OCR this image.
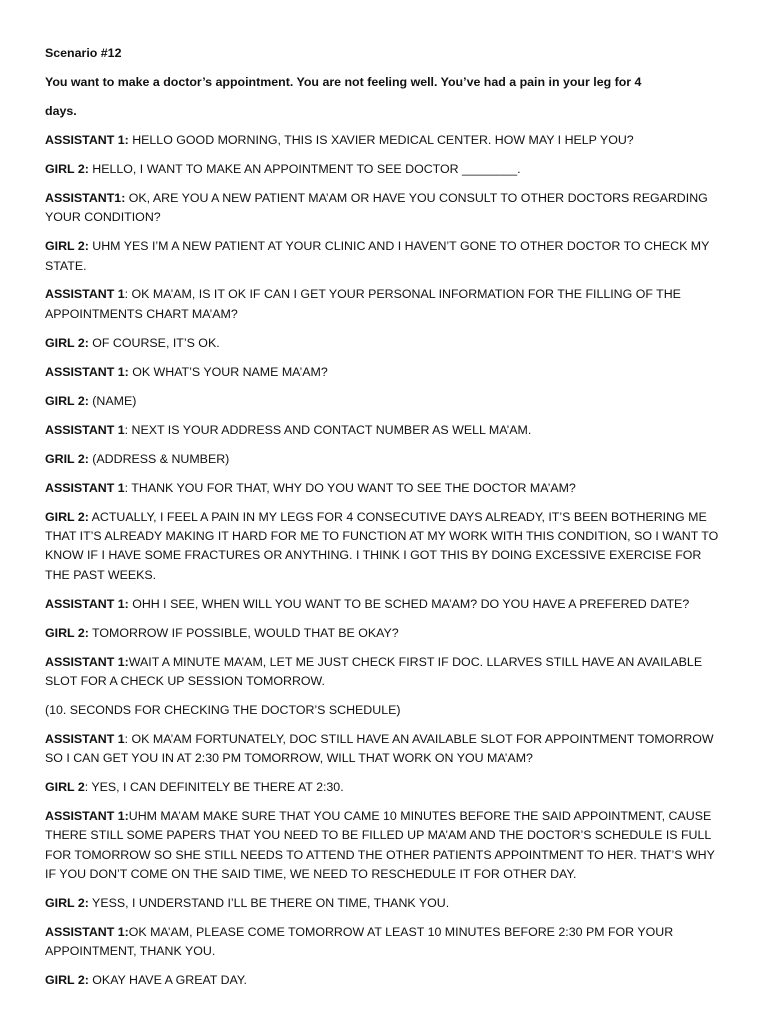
Scenario #12

You want to make a doctor’s appointment. You are not feeling well. You’ve had a pain in your leg for 4

days.

ASSISTANT 1: HELLO GOOD MORNING, THIS IS XAVIER MEDICAL CENTER. HOW MAY I HELP YOU?

GIRL 2: HELLO, I WANT TO MAKE AN APPOINTMENT TO SEE DOCTOR ________.

ASSISTANT1: OK, ARE YOU A NEW PATIENT MA’AM OR HAVE YOU CONSULT TO OTHER DOCTORS REGARDING YOUR CONDITION?

GIRL 2: UHM YES I’M A NEW PATIENT AT YOUR CLINIC AND I HAVEN’T GONE TO OTHER DOCTOR TO CHECK MY STATE.

ASSISTANT 1: OK MA’AM, IS IT OK IF CAN I GET YOUR PERSONAL INFORMATION FOR THE FILLING OF THE APPOINTMENTS CHART MA’AM?

GIRL 2: OF COURSE, IT’S OK.

ASSISTANT 1: OK WHAT’S YOUR NAME MA’AM?

GIRL 2: (NAME)

ASSISTANT 1: NEXT IS YOUR ADDRESS AND CONTACT NUMBER AS WELL MA’AM.

GRIL 2: (ADDRESS & NUMBER)

ASSISTANT 1: THANK YOU FOR THAT, WHY DO YOU WANT TO SEE THE DOCTOR MA’AM?

GIRL 2: ACTUALLY, I FEEL A PAIN IN MY LEGS FOR 4 CONSECUTIVE DAYS ALREADY, IT’S BEEN BOTHERING ME THAT IT’S ALREADY MAKING IT HARD FOR ME TO FUNCTION AT MY WORK WITH THIS CONDITION, SO I WANT TO KNOW IF I HAVE SOME FRACTURES OR ANYTHING. I THINK I GOT THIS BY DOING EXCESSIVE EXERCISE FOR THE PAST WEEKS.

ASSISTANT 1: OHH I SEE, WHEN WILL YOU WANT TO BE SCHED MA’AM? DO YOU HAVE A PREFERED DATE?

GIRL 2: TOMORROW IF POSSIBLE, WOULD THAT BE OKAY?

ASSISTANT 1:WAIT A MINUTE MA’AM, LET ME JUST CHECK FIRST IF DOC. LLARVES STILL HAVE AN AVAILABLE SLOT FOR A CHECK UP SESSION TOMORROW.

(10. SECONDS FOR CHECKING THE DOCTOR’S SCHEDULE)

ASSISTANT 1: OK MA’AM FORTUNATELY, DOC STILL HAVE AN AVAILABLE SLOT FOR APPOINTMENT TOMORROW SO I CAN GET YOU IN AT 2:30 PM TOMORROW, WILL THAT WORK ON YOU MA’AM?

GIRL 2: YES, I CAN DEFINITELY BE THERE AT 2:30.

ASSISTANT 1:UHM MA’AM MAKE SURE THAT YOU CAME 10 MINUTES BEFORE THE SAID APPOINTMENT, CAUSE THERE STILL SOME PAPERS THAT YOU NEED TO BE FILLED UP MA’AM AND THE DOCTOR’S SCHEDULE IS FULL FOR TOMORROW SO SHE STILL NEEDS TO ATTEND THE OTHER PATIENTS APPOINTMENT TO HER. THAT’S WHY IF YOU DON’T COME ON THE SAID TIME, WE NEED TO RESCHEDULE IT FOR OTHER DAY.

GIRL 2: YESS, I UNDERSTAND I’LL BE THERE ON TIME, THANK YOU.

ASSISTANT 1:OK MA’AM, PLEASE COME TOMORROW AT LEAST 10 MINUTES BEFORE 2:30 PM FOR YOUR APPOINTMENT, THANK YOU.

GIRL 2: OKAY HAVE A GREAT DAY.
